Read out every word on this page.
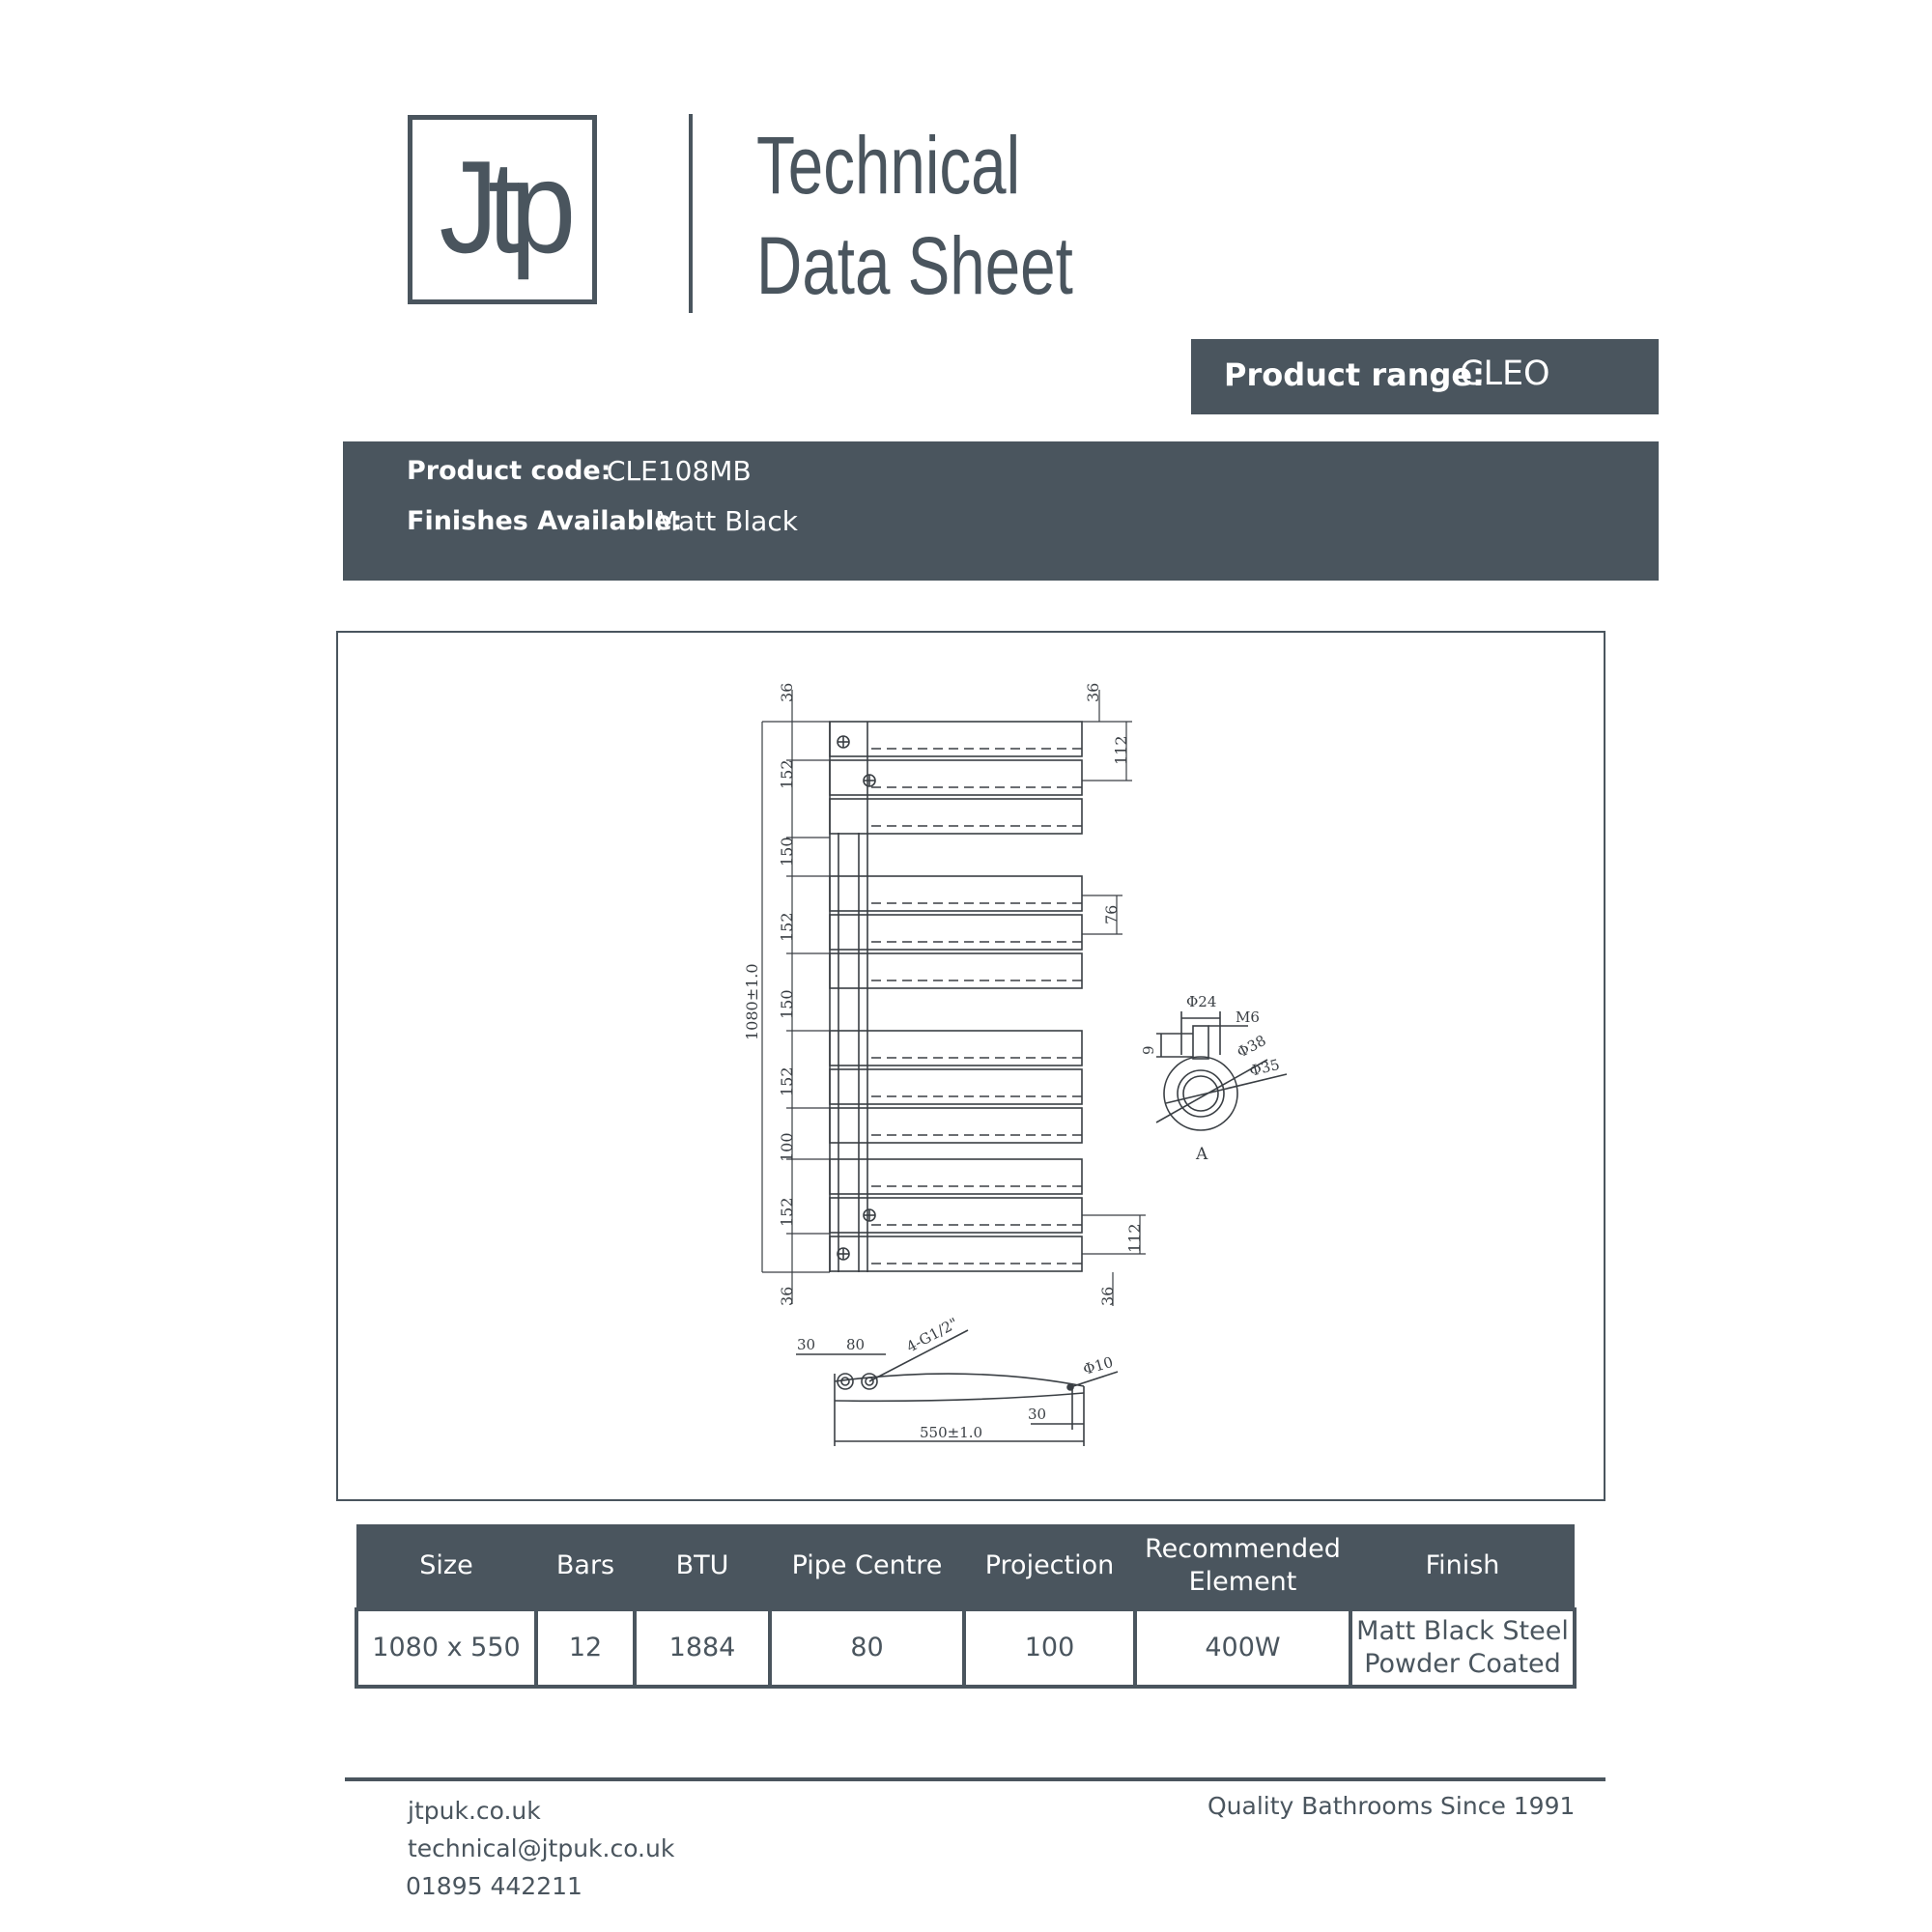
Jtp Technical
Data Sheet
Product range:
CLEO
Product code:
CLE108MB
Finishes Available:
Matt Black
36
152
150
152
150
152
100
152
36
1080±1.0
36
112
76
112
36
Φ24
M6
Φ38
Φ35
9
A
30 80	4-G1/2"
Φ10
30
550±1.0
Size	Bars	BTU	Pipe Centre	Projection	Recommended Element	Finish
1080 x 550	12	1884	80	100	400W	Matt Black Steel Powder Coated
jtpuk.co.uk
technical@jtpuk.co.uk
01895 442211
Quality Bathrooms Since 1991
